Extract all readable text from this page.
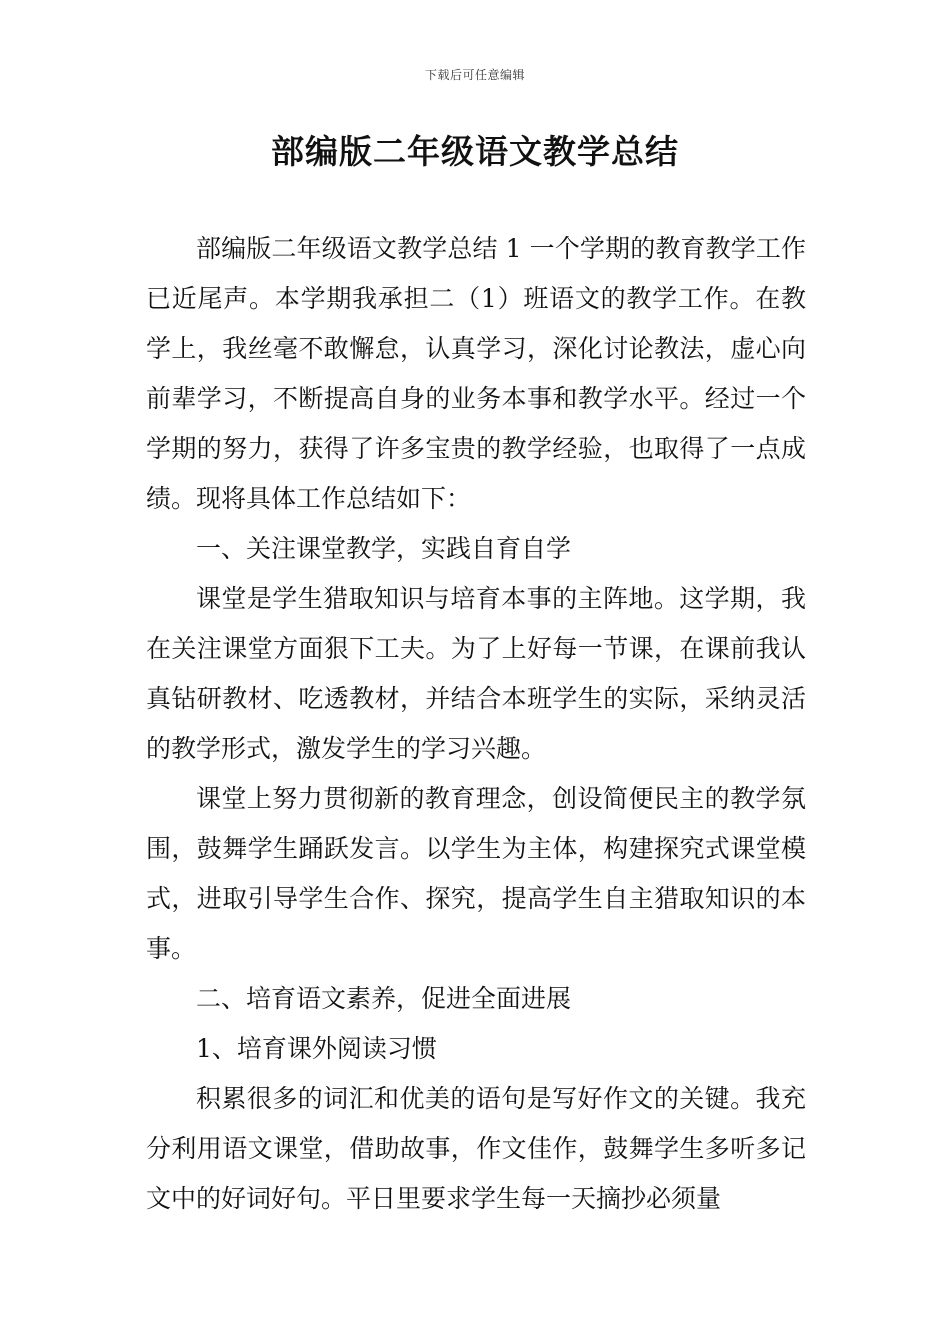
下载后可任意编辑
部编版二年级语文教学总结

部编版二年级语文教学总结 1 一个学期的教育教学工作已近尾声。本学期我承担二（1）班语文的教学工作。在教学上，我丝毫不敢懈怠，认真学习，深化讨论教法，虚心向前辈学习，不断提高自身的业务本事和教学水平。经过一个学期的努力，获得了许多宝贵的教学经验，也取得了一点成绩。现将具体工作总结如下：

一、关注课堂教学，实践自育自学

课堂是学生猎取知识与培育本事的主阵地。这学期，我在关注课堂方面狠下工夫。为了上好每一节课，在课前我认真钻研教材、吃透教材，并结合本班学生的实际，采纳灵活的教学形式，激发学生的学习兴趣。

课堂上努力贯彻新的教育理念，创设简便民主的教学氛围，鼓舞学生踊跃发言。以学生为主体，构建探究式课堂模式，进取引导学生合作、探究，提高学生自主猎取知识的本事。

二、培育语文素养，促进全面进展

1、培育课外阅读习惯

积累很多的词汇和优美的语句是写好作文的关键。我充分利用语文课堂，借助故事，作文佳作，鼓舞学生多听多记文中的好词好句。平日里要求学生每一天摘抄必须量
